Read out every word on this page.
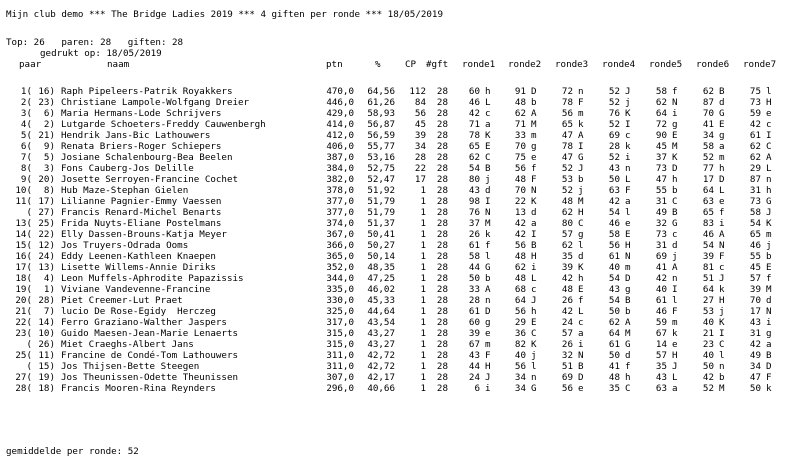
Mijn club demo *** The Bridge Ladies 2019 *** 4 giften per ronde *** 18/05/2019
Top: 26 paren: 28 giften: 28
gedrukt op: 18/05/2019
paar	naam	ptn	%	CP #gft ronde1 ronde2 ronde3 ronde4 ronde5 ronde6 ronde7
1( 16) Raph Pipeleers-Patrik Royakkers	470,0	64,56	112	28	60 h	91 D	72 n	52 J	58 f	62 B	75 l
2( 23) Christiane Lampole-Wolfgang Dreier	446,0	61,26	84	28	46 L	48 b	78 F	52 j	62 N	87 d	73 H
3(	6) Maria Hermans-Lode Schrijvers	429,0	58,93	56	28	42 c	62 A	56 m	76 K	64 i	70 G	59 e
4(	2) Lutgarde Schoeters-Freddy Cauwenbergh	414,0	56,87	45	28	71 a	71 M	65 k	52 I	72 g	41 E	42 c
5( 21) Hendrik Jans-Bic Lathouwers	412,0	56,59	39	28	78 K	33 m	47 A	69 c	90 E	34 g	61 I
6(	9) Renata Briers-Roger Schiepers	406,0	55,77	34	28	65 E	70 g	78 I	28 k	45 M	58 a	62 C
7(	5) Josiane Schalenbourg-Bea Beelen	387,0	53,16	28	28	62 C	75 e	47 G	52 i	37 K	52 m	62 A
8(	3) Fons Cauberg-Jos Delille	384,0	52,75	22	28	54 B	56 f	52 J	43 n	73 D	77 h	29 L
9( 20) Josette Serroyen-Francine Cochet	382,0	52,47	17	28	80 j	48 F	53 b	50 L	47 h	17 D	87 n
10(	8) Hub Maze-Stephan Gielen	378,0	51,92	1	28	43 d	70 N	52 j	63 F	55 b	64 L	31 h
11( 17) Lilianne Pagnier-Emmy Vaessen	377,0	51,79	1	28	98 I	22 K	48 M	42 a	31 C	63 e	73 G
( 27) Francis Renard-Michel Benarts	377,0	51,79	1	28	76 N	13 d	62 H	54 l	49 B	65 f	58 J
13( 25) Frida Nuyts-Eliane Postelmans	374,0	51,37	1	28	37 M	42 a	80 C	46 e	32 G	83 i	54 K
14( 22) Elly Dassen-Brouns-Katja Meyer	367,0	50,41	1	28	26 k	42 I	57 g	58 E	73 c	46 A	65 m
15( 12) Jos Truyers-Odrada Ooms	366,0	50,27	1	28	61 f	56 B	62 l	56 H	31 d	54 N	46 j
16( 24) Eddy Leenen-Kathleen Knaepen	365,0	50,14	1	28	58 l	48 H	35 d	61 N	69 j	39 F	55 b
17( 13) Lisette Willems-Annie Diriks	352,0	48,35	1	28	44 G	62 i	39 K	40 m	41 A	81 c	45 E
18(	4) Leon Muffels-Aphrodite Papazissis	344,0	47,25	1	28	50 b	48 L	42 h	54 D	42 n	51 J	57 f
19(	1) Viviane Vandevenne-Francine	335,0	46,02	1	28	33 A	68 c	48 E	43 g	40 I	64 k	39 M
20( 28) Piet Creemer-Lut Praet	330,0	45,33	1	28	28 n	64 J	26 f	54 B	61 l	27 H	70 d
21(	7) lucio De Rose-Egidy  Herczeg	325,0	44,64	1	28	61 D	56 h	42 L	50 b	46 F	53 j	17 N
22( 14) Ferro Graziano-Walther Jaspers	317,0	43,54	1	28	60 g	29 E	24 c	62 A	59 m	40 K	43 i
23( 10) Guido Maesen-Jean-Marie Lenaerts	315,0	43,27	1	28	39 e	36 C	57 a	64 M	67 k	21 I	31 g
( 26) Miet Craeghs-Albert Jans	315,0	43,27	1	28	67 m	82 K	26 i	61 G	14 e	23 C	42 a
25( 11) Francine de Condé-Tom Lathouwers	311,0	42,72	1	28	43 F	40 j	32 N	50 d	57 H	40 l	49 B
( 15) Jos Thijsen-Bette Steegen	311,0	42,72	1	28	44 H	56 l	51 B	41 f	35 J	50 n	34 D
27( 19) Jos Theunissen-Odette Theunissen	307,0	42,17	1	28	24 J	34 n	69 D	48 h	43 L	42 b	47 F
28( 18) Francis Mooren-Rina Reynders	296,0	40,66	1	28	6 i	34 G	56 e	35 C	63 a	52 M	50 k
gemiddelde per ronde: 52
